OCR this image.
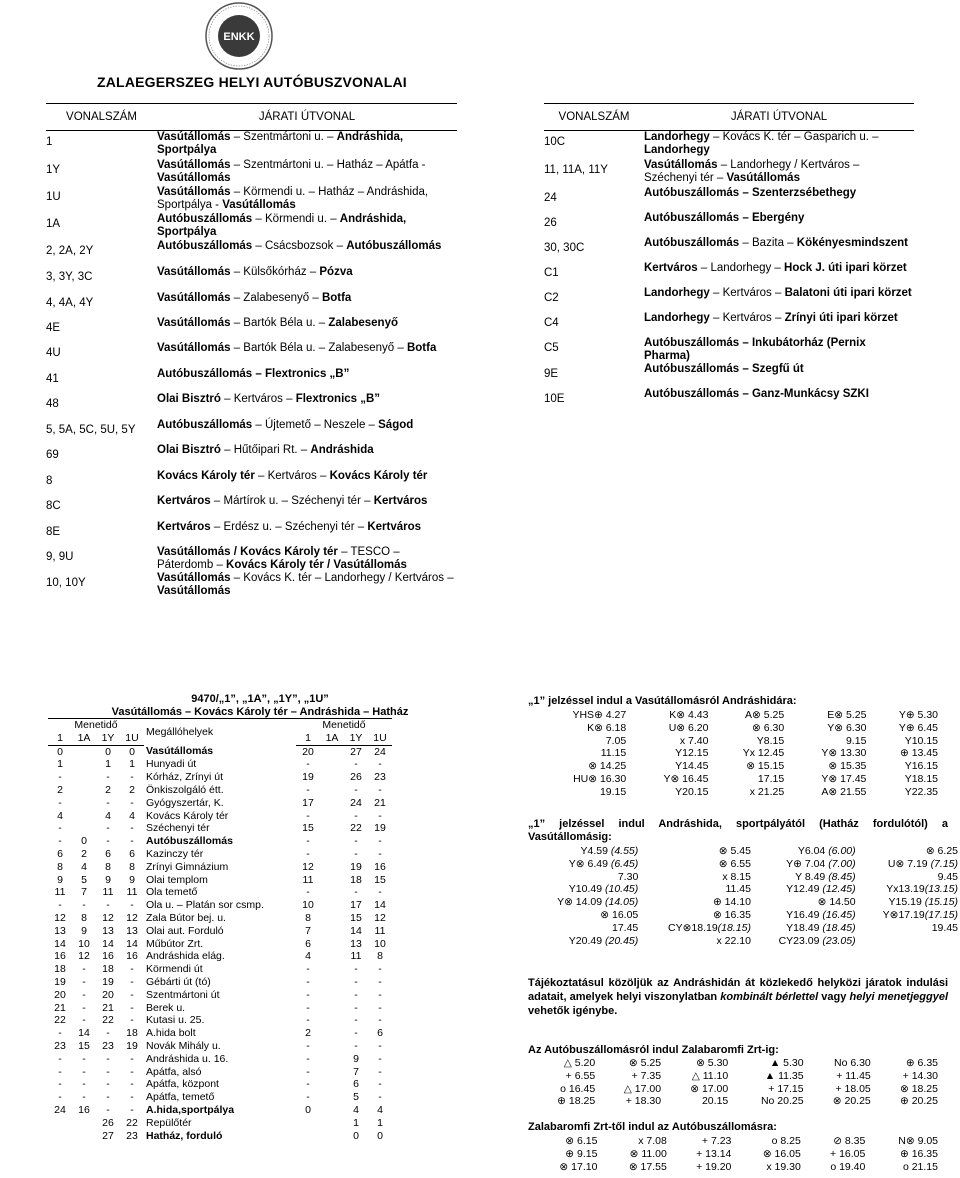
ENKK
ZALAEGERSZEG HELYI AUTÓBUSZVONALAI
VONALSZÁM	JÁRATI ÚTVONAL
1	Vasútállomás – Szentmártoni u. – Andráshida, Sportpálya
1Y	Vasútállomás – Szentmártoni u. – Hatház – Apátfa - Vasútállomás
1U	Vasútállomás – Körmendi u. – Hatház – Andráshida, Sportpálya - Vasútállomás
1A	Autóbuszállomás – Körmendi u. – Andráshida, Sportpálya
2, 2A, 2Y	Autóbuszállomás – Csácsbozsok – Autóbuszállomás
3, 3Y, 3C	Vasútállomás – Külsőkórház – Pózva
4, 4A, 4Y	Vasútállomás – Zalabesenyő – Botfa
4E	Vasútállomás – Bartók Béla u. – Zalabesenyő
4U	Vasútállomás – Bartók Béla u. – Zalabesenyő – Botfa
41	Autóbuszállomás – Flextronics „B”
48	Olai Bisztró – Kertváros – Flextronics „B”
5, 5A, 5C, 5U, 5Y	Autóbuszállomás – Újtemető – Neszele – Ságod
69	Olai Bisztró – Hűtőipari Rt. – Andráshida
8	Kovács Károly tér – Kertváros – Kovács Károly tér
8C	Kertváros – Mártírok u. – Széchenyi tér – Kertváros
8E	Kertváros – Erdész u. – Széchenyi tér – Kertváros
9, 9U	Vasútállomás / Kovács Károly tér – TESCO – Páterdomb – Kovács Károly tér / Vasútállomás
10, 10Y	Vasútállomás – Kovács K. tér – Landorhegy / Kertváros – Vasútállomás
VONALSZÁM	JÁRATI ÚTVONAL
10C	Landorhegy – Kovács K. tér – Gasparich u. – Landorhegy
11, 11A, 11Y	Vasútállomás – Landorhegy / Kertváros – Széchenyi tér – Vasútállomás
24	Autóbuszállomás – Szenterzsébethegy
26	Autóbuszállomás – Ebergény
30, 30C	Autóbuszállomás – Bazita – Kökényesmindszent
C1	Kertváros – Landorhegy – Hock J. úti ipari körzet
C2	Landorhegy – Kertváros – Balatoni úti ipari körzet
C4	Landorhegy – Kertváros – Zrínyi úti ipari körzet
C5	Autóbuszállomás – Inkubátorház (Pernix Pharma)
9E	Autóbuszállomás – Szegfű út
10E	Autóbuszállomás – Ganz-Munkácsy SZKI
9470/„1”, „1A”, „1Y”, „1U”
Vasútállomás – Kovács Károly tér – Andráshida – Hatház
Menetidő				Megállóhelyek	Menetidő			
1	1A	1Y	1U		1	1A	1Y	1U
0		0	0	Vasútállomás	20		27	24
1		1	1	Hunyadi út	-		-	-
-		-	-	Kórház, Zrínyi út	19		26	23
2		2	2	Önkiszolgáló étt.	-		-	-
-		-	-	Gyógyszertár, K.	17		24	21
4		4	4	Kovács Károly tér	-		-	-
-		-	-	Széchenyi tér	15		22	19
-	0	-	-	Autóbuszállomás	-		-	-
6	2	6	6	Kazinczy tér	-		-	-
8	4	8	8	Zrínyi Gimnázium	12		19	16
9	5	9	9	Olai templom	11		18	15
11	7	11	11	Ola temető	-		-	-
-	-	-	-	Ola u. – Platán sor csmp.	10		17	14
12	8	12	12	Zala Bútor bej. u.	8		15	12
13	9	13	13	Olai aut. Forduló	7		14	11
14	10	14	14	Műbútor Zrt.	6		13	10
16	12	16	16	Andráshida elág.	4		11	8
18	-	18	-	Körmendi út	-		-	-
19	-	19	-	Gébárti út (tó)	-		-	-
20	-	20	-	Szentmártoni út	-		-	-
21	-	21	-	Berek u.	-		-	-
22	-	22	-	Kutasi u. 25.	-		-	-
-	14	-	18	A.hida bolt	2		-	6
23	15	23	19	Novák Mihály u.	-		-	-
-	-	-	-	Andráshida u. 16.	-		9	-
-	-	-	-	Apátfa, alsó	-		7	-
-	-	-	-	Apátfa, központ	-		6	-
-	-	-	-	Apátfa, temető	-		5	-
24	16	-	-	A.hida,sportpálya	0		4	4
		26	22	Repülőtér			1	1
		27	23	Hatház, forduló			0	0
„1” jelzéssel indul a Vasútállomásról Andráshidára:
YHS⊕ 4.27	K⊗ 4.43	A⊗ 5.25	E⊗ 5.25	Y⊕ 5.30
K⊗ 6.18	U⊗ 6.20	⊗ 6.30	Y⊗ 6.30	Y⊕ 6.45
7.05	x 7.40	Y8.15	9.15	Y10.15
11.15	Y12.15	Yx 12.45	Y⊗ 13.30	⊕ 13.45
⊗ 14.25	Y14.45	⊗ 15.15	⊗ 15.35	Y16.15
HU⊗ 16.30	Y⊗ 16.45	17.15	Y⊗ 17.45	Y18.15
19.15	Y20.15	x 21.25	A⊗ 21.55	Y22.35
„1” jelzéssel indul Andráshida, sportpályától (Hatház fordulótól) a Vasútállomásig:
Y4.59 (4.55)	⊗ 5.45	Y6.04 (6.00)		⊗ 6.25
Y⊗ 6.49 (6.45)	⊗ 6.55	Y⊕ 7.04 (7.00)		U⊗ 7.19 (7.15)
7.30	x 8.15	Y 8.49 (8.45)		9.45
Y10.49 (10.45)	11.45	Y12.49 (12.45)		Yx13.19(13.15)
Y⊗ 14.09 (14.05)	⊕ 14.10	⊗ 14.50		Y15.19 (15.15)
⊗ 16.05	⊗ 16.35	Y16.49 (16.45)		Y⊗17.19(17.15)
17.45	CY⊗18.19(18.15)	Y18.49 (18.45)		19.45
Y20.49 (20.45)	x 22.10	CY23.09 (23.05)		
Tájékoztatásul közöljük az Andráshidán át közlekedő helyközi járatok indulási adatait, amelyek helyi viszonylatban kombinált bérlettel vagy helyi menetjeggyel vehetők igénybe.
Az Autóbuszállomásról indul Zalabaromfi Zrt-ig:
△ 5.20	⊗ 5.25	⊗ 5.30	▲ 5.30	No 6.30	⊕ 6.35
+ 6.55	+ 7.35	△ 11.10	▲ 11.35	+ 11.45	+ 14.30
o 16.45	△ 17.00	⊗ 17.00	+ 17.15	+ 18.05	⊗ 18.25
⊕ 18.25	+ 18.30	20.15	No 20.25	⊗ 20.25	⊕ 20.25
Zalabaromfi Zrt-től indul az Autóbuszállomásra:
⊗ 6.15	x 7.08	+ 7.23	o 8.25	⊘ 8.35	N⊗ 9.05
⊕ 9.15	⊗ 11.00	+ 13.14	⊗ 16.05	+ 16.05	⊕ 16.35
⊗ 17.10	⊗ 17.55	+ 19.20	x 19.30	o 19.40	o 21.15
